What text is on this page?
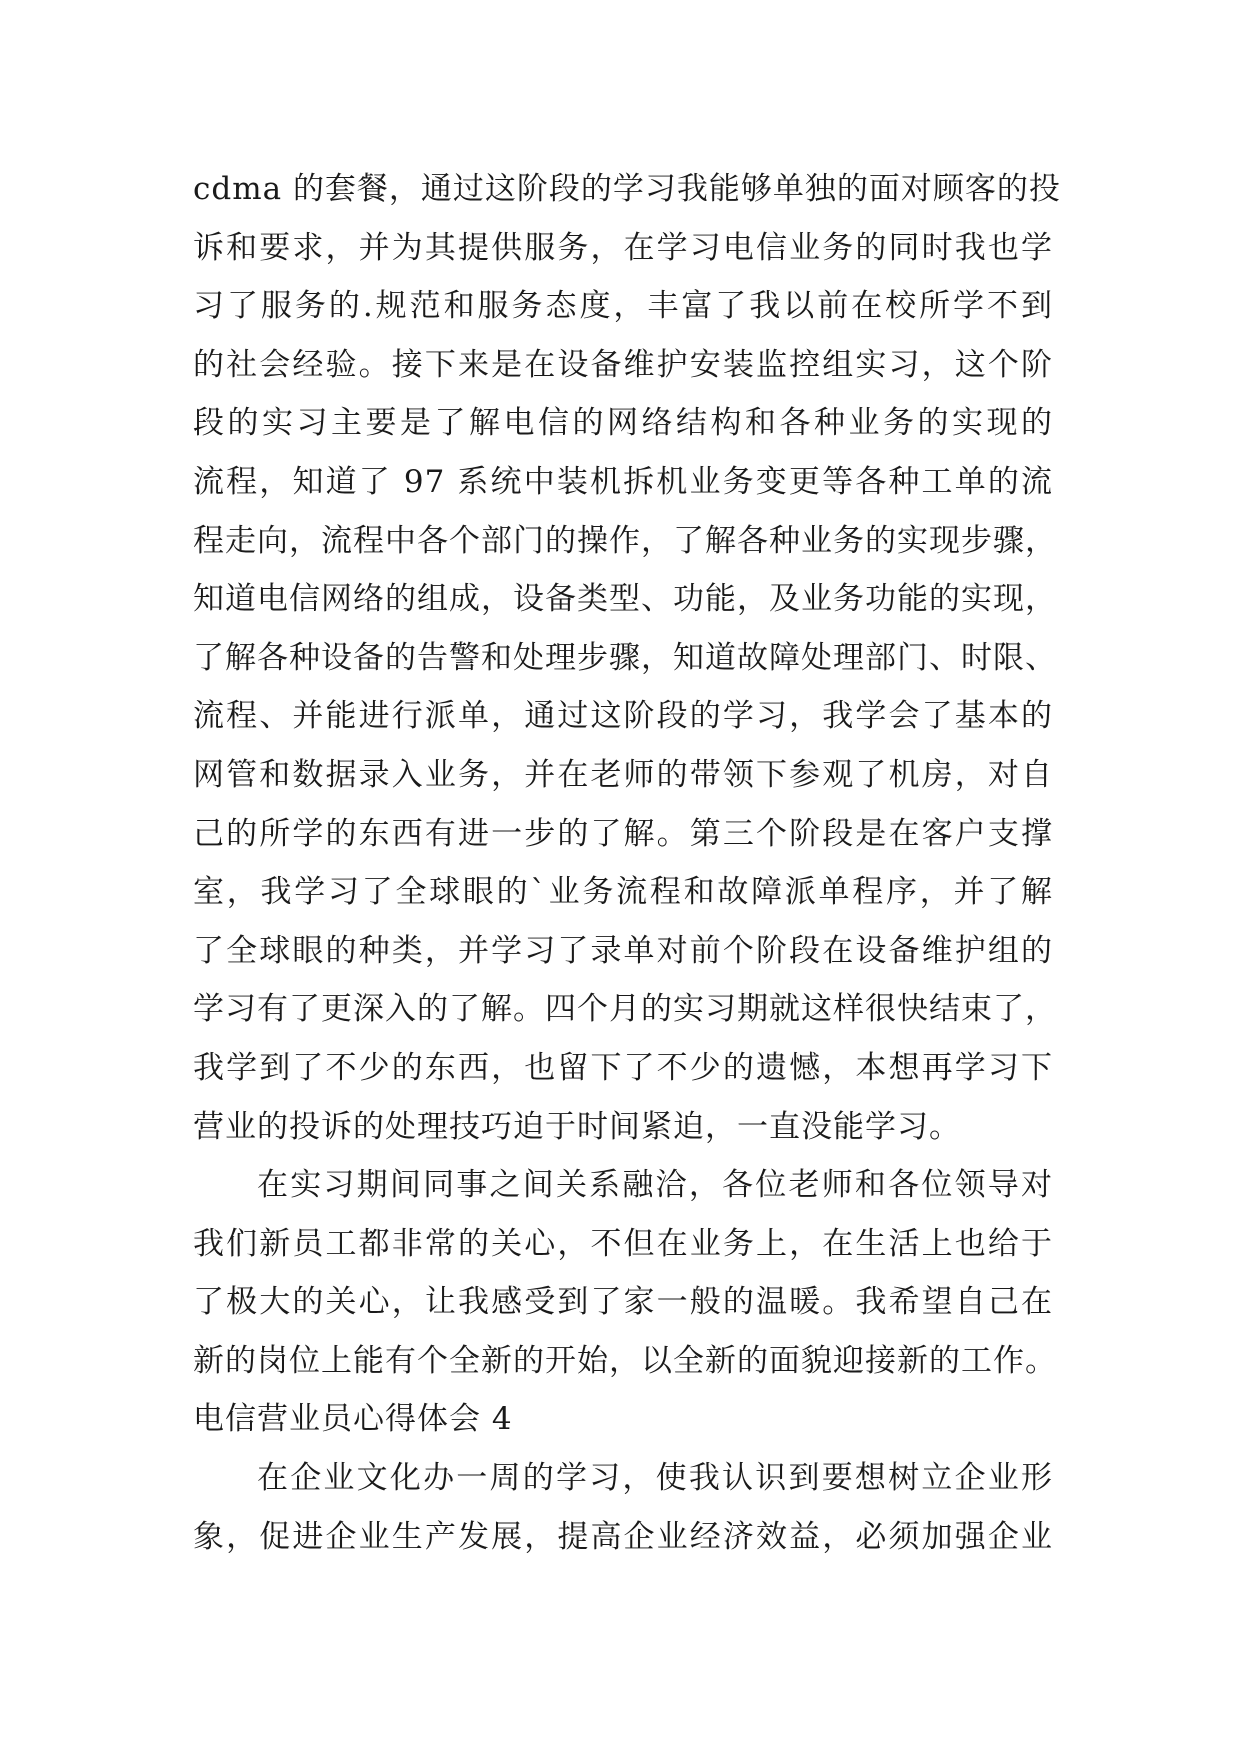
cdma 的套餐，通过这阶段的学习我能够单独的面对顾客的投
诉和要求，并为其提供服务，在学习电信业务的同时我也学
习了服务的.规范和服务态度，丰富了我以前在校所学不到
的社会经验。接下来是在设备维护安装监控组实习，这个阶
段的实习主要是了解电信的网络结构和各种业务的实现的
流程，知道了 97 系统中装机拆机业务变更等各种工单的流
程走向，流程中各个部门的操作，了解各种业务的实现步骤，
知道电信网络的组成，设备类型、功能，及业务功能的实现，
了解各种设备的告警和处理步骤，知道故障处理部门、时限、
流程、并能进行派单，通过这阶段的学习，我学会了基本的
网管和数据录入业务，并在老师的带领下参观了机房，对自
己的所学的东西有进一步的了解。第三个阶段是在客户支撑
室，我学习了全球眼的`业务流程和故障派单程序，并了解
了全球眼的种类，并学习了录单对前个阶段在设备维护组的
学习有了更深入的了解。四个月的实习期就这样很快结束了，
我学到了不少的东西，也留下了不少的遗憾，本想再学习下
营业的投诉的处理技巧迫于时间紧迫，一直没能学习。
在实习期间同事之间关系融洽，各位老师和各位领导对
我们新员工都非常的关心，不但在业务上，在生活上也给于
了极大的关心，让我感受到了家一般的温暖。我希望自己在
新的岗位上能有个全新的开始，以全新的面貌迎接新的工作。
电信营业员心得体会 4
在企业文化办一周的学习，使我认识到要想树立企业形
象，促进企业生产发展，提高企业经济效益，必须加强企业
